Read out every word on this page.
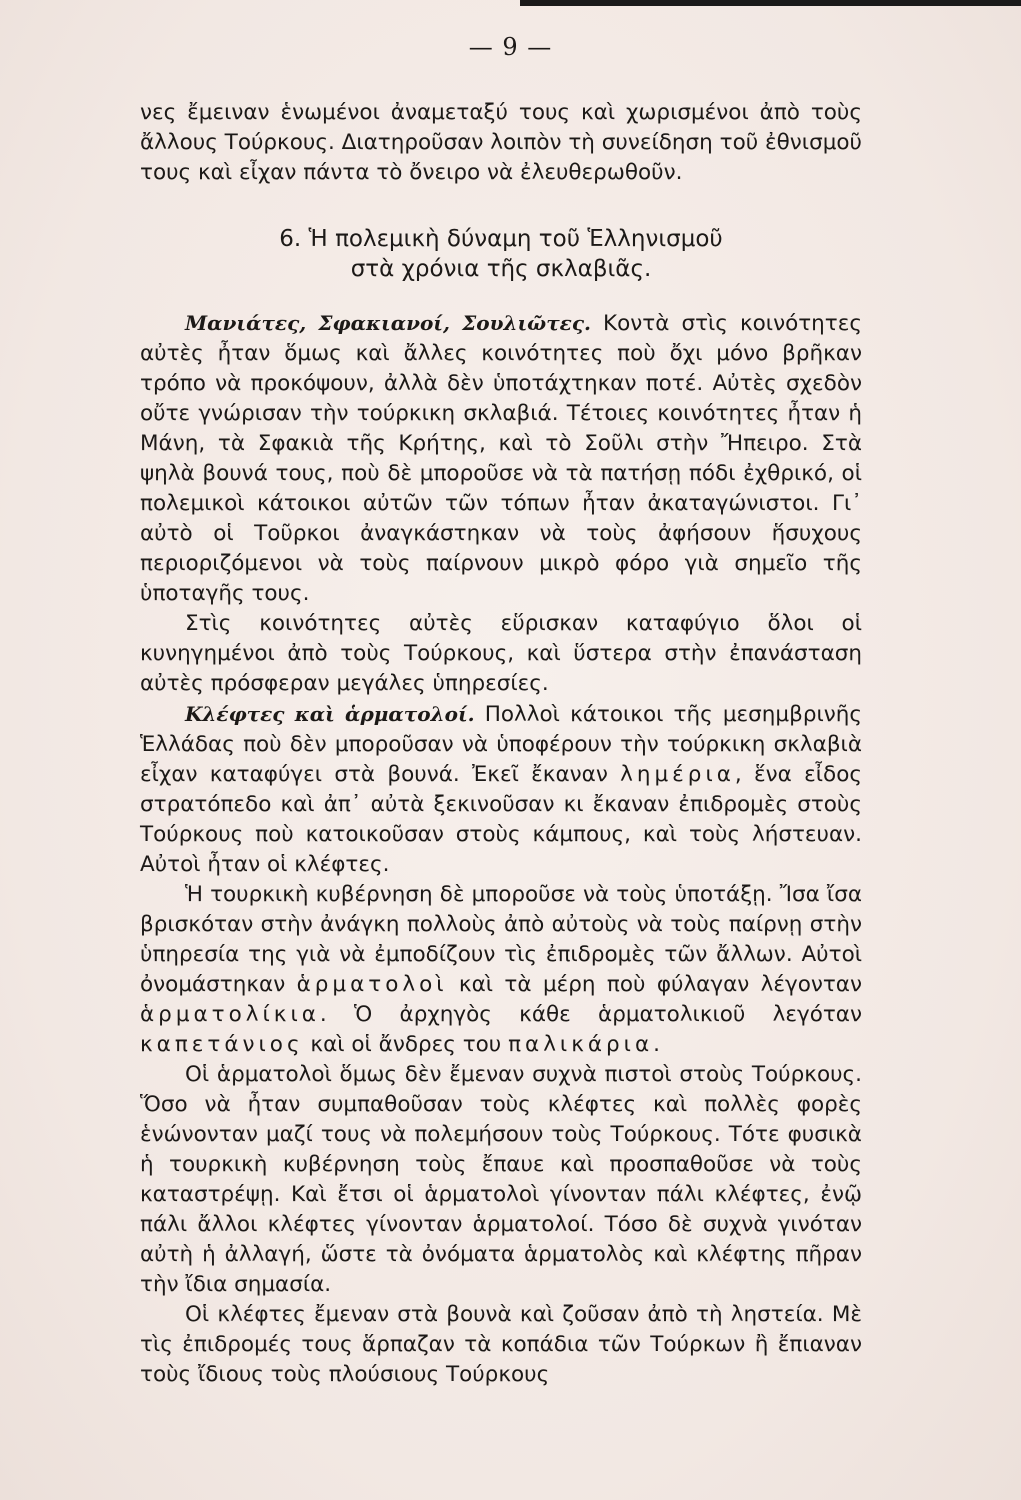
— 9 —

νες ἔμειναν ἑνωμένοι ἀναμεταξύ τους καὶ χωρισμένοι ἀπὸ τοὺς ἄλλους Τούρκους. Διατηροῦσαν λοιπὸν τὴ συνείδηση τοῦ ἐθνισμοῦ τους καὶ εἶχαν πάντα τὸ ὄνειρο νὰ ἐλευθερωθοῦν.

6. Ἡ πολεμικὴ δύναμη τοῦ Ἑλληνισμοῦ
στὰ χρόνια τῆς σκλαβιᾶς.

Μανιάτες, Σφακιανοί, Σουλιῶτες. Κοντὰ στὶς κοινότητες αὐτὲς ἦταν ὅμως καὶ ἄλλες κοινότητες ποὺ ὄχι μόνο βρῆκαν τρόπο νὰ προκόψουν, ἀλλὰ δὲν ὑποτάχτηκαν ποτέ. Αὐτὲς σχεδὸν οὔτε γνώρισαν τὴν τούρκικη σκλαβιά. Τέτοιες κοινότητες ἦταν ἡ Μάνη, τὰ Σφακιὰ τῆς Κρήτης, καὶ τὸ Σοῦλι στὴν Ἤπειρο. Στὰ ψηλὰ βουνά τους, ποὺ δὲ μποροῦσε νὰ τὰ πατήσῃ πόδι ἐχθρικό, οἱ πολεμικοὶ κάτοικοι αὐτῶν τῶν τόπων ἦταν ἀκαταγώνιστοι. Γι᾽ αὐτὸ οἱ Τοῦρκοι ἀναγκάστηκαν νὰ τοὺς ἀφήσουν ἥσυχους περιοριζόμενοι νὰ τοὺς παίρνουν μικρὸ φόρο γιὰ σημεῖο τῆς ὑποταγῆς τους.

Στὶς κοινότητες αὐτὲς εὕρισκαν καταφύγιο ὅλοι οἱ κυνηγημένοι ἀπὸ τοὺς Τούρκους, καὶ ὕστερα στὴν ἐπανάσταση αὐτὲς πρόσφεραν μεγάλες ὑπηρεσίες.

Κλέφτες καὶ ἁρματολοί. Πολλοὶ κάτοικοι τῆς μεσημβρινῆς Ἑλλάδας ποὺ δὲν μποροῦσαν νὰ ὑποφέρουν τὴν τούρκικη σκλαβιὰ εἶχαν καταφύγει στὰ βουνά. Ἐκεῖ ἔκαναν λημέρια, ἕνα εἶδος στρατόπεδο καὶ ἀπ᾽ αὐτὰ ξεκινοῦσαν κι ἔκαναν ἐπιδρομὲς στοὺς Τούρκους ποὺ κατοικοῦσαν στοὺς κάμπους, καὶ τοὺς λήστευαν. Αὐτοὶ ἦταν οἱ κλέφτες.

Ἡ τουρκικὴ κυβέρνηση δὲ μποροῦσε νὰ τοὺς ὑποτάξῃ. Ἴσα ἴσα βρισκόταν στὴν ἀνάγκη πολλοὺς ἀπὸ αὐτοὺς νὰ τοὺς παίρνῃ στὴν ὑπηρεσία της γιὰ νὰ ἐμποδίζουν τὶς ἐπιδρομὲς τῶν ἄλλων. Αὐτοὶ ὀνομάστηκαν ἁρματολοὶ καὶ τὰ μέρη ποὺ φύλαγαν λέγονταν ἁρματολίκια. Ὁ ἀρχηγὸς κάθε ἁρματολικιοῦ λεγόταν καπετάνιος καὶ οἱ ἄνδρες του παλικάρια.

Οἱ ἁρματολοὶ ὅμως δὲν ἔμεναν συχνὰ πιστοὶ στοὺς Τούρκους. Ὅσο νὰ ἦταν συμπαθοῦσαν τοὺς κλέφτες καὶ πολλὲς φορὲς ἑνώνονταν μαζί τους νὰ πολεμήσουν τοὺς Τούρκους. Τότε φυσικὰ ἡ τουρκικὴ κυβέρνηση τοὺς ἔπαυε καὶ προσπαθοῦσε νὰ τοὺς καταστρέψῃ. Καὶ ἔτσι οἱ ἁρματολοὶ γίνονταν πάλι κλέφτες, ἐνῷ πάλι ἄλλοι κλέφτες γίνονταν ἁρματολοί. Τόσο δὲ συχνὰ γινόταν αὐτὴ ἡ ἀλλαγή, ὥστε τὰ ὀνόματα ἁρματολὸς καὶ κλέφτης πῆραν τὴν ἴδια σημασία.

Οἱ κλέφτες ἔμεναν στὰ βουνὰ καὶ ζοῦσαν ἀπὸ τὴ ληστεία. Μὲ τὶς ἐπιδρομές τους ἅρπαζαν τὰ κοπάδια τῶν Τούρκων ἢ ἔπιαναν τοὺς ἴδιους τοὺς πλούσιους Τούρκους
